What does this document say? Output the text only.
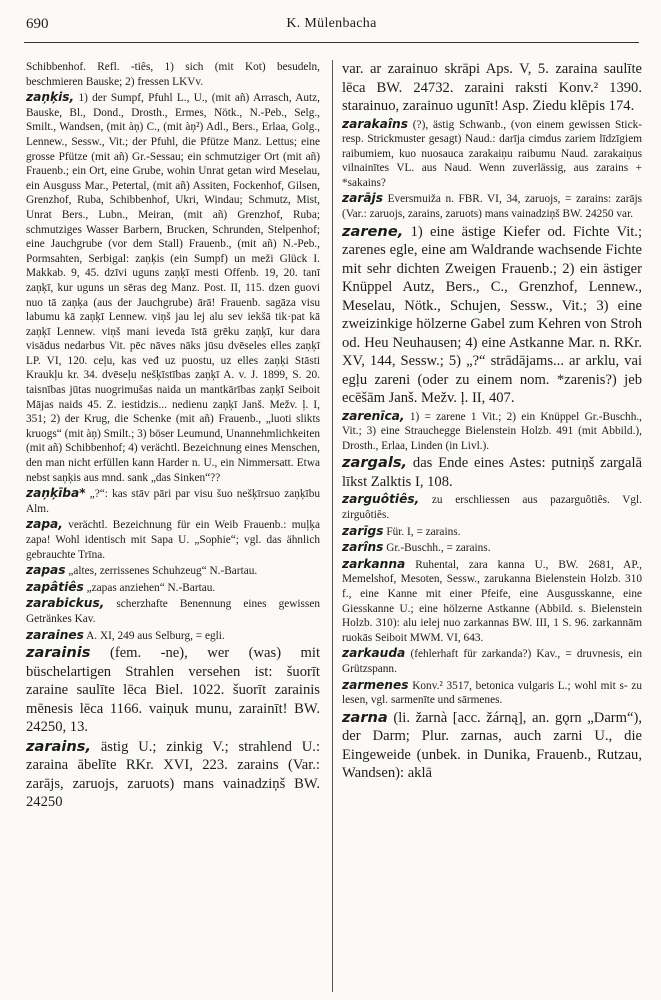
690	K. Mülenbacha

Schibbenhof. Refl. -tiês, 1) sich (mit Kot) besudeln, beschmieren Bauske; 2) fressen LKVv.

zaņķis, 1) der Sumpf, Pfuhl L., U., (mit añ) Arrasch, Autz, Bauske, Bl., Dond., Drosth., Ermes, Nötk., N.-Peb., Selg., Smilt., Wandsen, (mit àņ) C., (mit àņ²) Adl., Bers., Erlaa, Golg., Lennew., Sessw., Vit.; der Pfuhl, die Pfütze Manz. Lettus; eine grosse Pfütze (mit añ) Gr.-Sessau; ein schmutziger Ort (mit añ) Frauenb.; ein Ort, eine Grube, wohin Unrat getan wird Meselau, ein Ausguss Mar., Petertal, (mit añ) Assiten, Fockenhof, Gilsen, Grenzhof, Ruba, Schibbenhof, Ukri, Windau; Schmutz, Mist, Unrat Bers., Lubn., Meiran, (mit añ) Grenzhof, Ruba; schmutziges Wasser Barbern, Brucken, Schrunden, Stelpenhof; eine Jauchgrube (vor dem Stall) Frauenb., (mit añ) N.-Peb., Pormsahten, Serbigal: zaņķis (ein Sumpf) un meži Glück I. Makkab. 9, 45. dzīvi uguns zaņķī mesti Offenb. 19, 20. tanī zaņķī, kur uguns un sēras deg Manz. Post. II, 115. dzen guovi nuo tā zaņķa (aus der Jauchgrube) ārā! Frauenb. sagāza visu labumu kā zaņķī Lennew. viņš jau lej alu sev iekšā tik·pat kā zaņķī Lennew. viņš mani ieveda īstā grēku zaņķī, kur dara visādus nedarbus Vit. pēc nāves nāks jūsu dvēseles elles zaņķī LP. VI, 120. ceļu, kas veđ uz puostu, uz elles zaņķi Stāsti Kraukļu kr. 34. dvēseļu nešķīstības zaņķī A. v. J. 1899, S. 20. taisnības jūtas nuogrimušas naida un mantkārības zaņķī Seiboit Mājas naids 45. Z. iestidzis... nedienu zaņķī Janš. Mežv. ļ. I, 351; 2) der Krug, die Schenke (mit añ) Frauenb., „luoti slikts kruogs“ (mit àņ) Smilt.; 3) böser Leumund, Unannehmlichkeiten (mit añ) Schibbenhof; 4) verächtl. Bezeichnung eines Menschen, den man nicht erfüllen kann Harder n. U., ein Nimmersatt. Etwa nebst saņķis aus mnd. sank „das Sinken“??

zaņķība* „?“: kas stāv pāri par visu šuo nešķīrsuo zaņķību Alm.

zapa, verächtl. Bezeichnung für ein Weib Frauenb.: muļķa zapa! Wohl identisch mit Sapa U. „Sophie“; vgl. das ähnlich gebrauchte Trīna.

zapas „altes, zerrissenes Schuhzeug“ N.-Bartau.

zapâtiês „zapas anziehen“ N.-Bartau.

zarabickus, scherzhafte Benennung eines gewissen Getränkes Kav.

zaraines A. XI, 249 aus Selburg, = egli.

zarainis (fem. -ne), wer (was) mit büschelartigen Strahlen versehen ist: šuorīt zaraine saulīte lēca Biel. 1022. šuorīt zarainis mēnesis lēca 1166. vaiņuk munu, zarainīt! BW. 24250, 13.

zarains, ästig U.; zinkig V.; strahlend U.: zaraina ābelīte RKr. XVI, 223. zarains (Var.: zarājs, zaruojs, zaruots) mans vainadziņš BW. 24250

var. ar zarainuo skrāpi Aps. V, 5. zaraina saulīte lēca BW. 24732. zaraini raksti Konv.² 1390. starainuo, zarainuo ugunīt! Asp. Ziedu klēpis 174.

zarakaîns (?), ästig Schwanb., (von einem gewissen Stick- resp. Strickmuster gesagt) Naud.: darīja cimdus zariem līdzīgiem raibumiem, kuo nuosauca zarakaiņu raibumu Naud. zarakaiņus vilnainītes VL. aus Naud. Wenn zuverlässig, aus zarains + *sakains?

zarājs Eversmuiža n. FBR. VI, 34, zaruojs, = zarains: zarājs (Var.: zaruojs, zarains, zaruots) mans vainadziņš BW. 24250 var.

zarene, 1) eine ästige Kiefer od. Fichte Vit.; zarenes egle, eine am Waldrande wachsende Fichte mit sehr dichten Zweigen Frauenb.; 2) ein ästiger Knüppel Autz, Bers., C., Grenzhof, Lennew., Meselau, Nötk., Schujen, Sessw., Vit.; 3) eine zweizinkige hölzerne Gabel zum Kehren von Stroh od. Heu Neuhausen; 4) eine Astkanne Mar. n. RKr. XV, 144, Sessw.; 5) „?“ strādājams... ar arklu, vai egļu zareni (oder zu einem nom. *zarenis?) jeb ecēšām Janš. Mežv. ļ. II, 407.

zarenīca, 1) = zarene 1 Vit.; 2) ein Knüppel Gr.-Buschh., Vit.; 3) eine Strauchegge Bielenstein Holzb. 491 (mit Abbild.), Drosth., Erlaa, Linden (in Livl.).

zargals, das Ende eines Astes: putniņš zargalā līkst Zalktis I, 108.

zarguôtiês, zu erschliessen aus pazarguôtiês. Vgl. zirguôtiês.

zarīgs Für. I, = zarains.

zarîns Gr.-Buschh., = zarains.

zarkanna Ruhental, zara kanna U., BW. 2681, AP., Memelshof, Mesoten, Sessw., zarukanna Bielenstein Holzb. 310 f., eine Kanne mit einer Pfeife, eine Ausgusskanne, eine Giesskanne U.; eine hölzerne Astkanne (Abbild. s. Bielenstein Holzb. 310): alu ielej nuo zarkannas BW. III, 1 S. 96. zarkannām ruokās Seiboit MWM. VI, 643.

zarkauda (fehlerhaft für zarkanda?) Kav., = druvnesis, ein Grützspann.

zarmenes Konv.² 3517, betonica vulgaris L.; wohl mit s- zu lesen, vgl. sarmenīte und sārmenes.

zarna (li. žarnà [acc. žárną], an. gǫrn „Darm“), der Darm; Plur. zarnas, auch zarni U., die Eingeweide (unbek. in Dunika, Frauenb., Rutzau, Wandsen): aklā
